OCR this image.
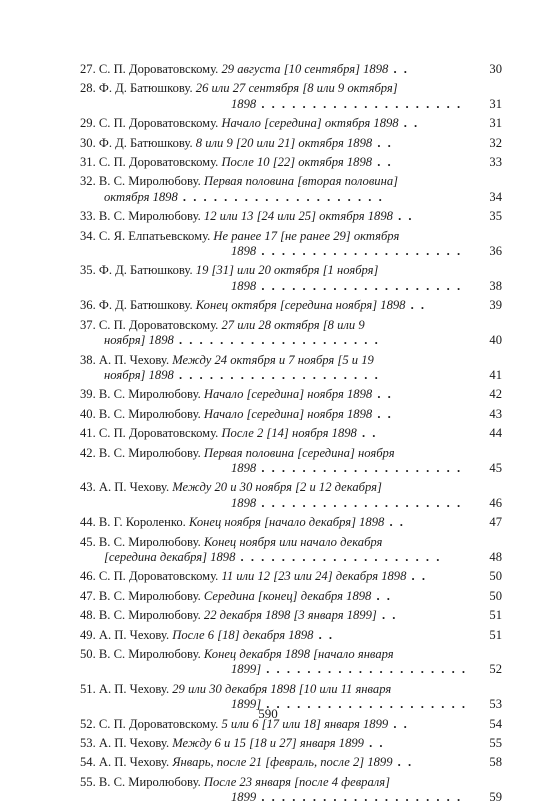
27. С. П. Дороватовскому. 29 августа [10 сентября] 1898 . .	30
28. Ф. Д. Батюшкову. 26 или 27 сентября [8 или 9 октября]
1898 . . . . . . . . . . . . . . . . . . . .	31
29. С. П. Дороватовскому. Начало [середина] октября 1898 . .	31
30. Ф. Д. Батюшкову. 8 или 9 [20 или 21] октября 1898 . .	32
31. С. П. Дороватовскому. После 10 [22] октября 1898 . .	33
32. В. С. Миролюбову. Первая половина [вторая половина]
октября 1898 . . . . . . . . . . . . . . . . . . . .	34
33. В. С. Миролюбову. 12 или 13 [24 или 25] октября 1898 . .	35
34. С. Я. Елпатьевскому. Не ранее 17 [не ранее 29] октября
1898 . . . . . . . . . . . . . . . . . . . .	36
35. Ф. Д. Батюшкову. 19 [31] или 20 октября [1 ноября]
1898 . . . . . . . . . . . . . . . . . . . .	38
36. Ф. Д. Батюшкову. Конец октября [середина ноября] 1898 . .	39
37. С. П. Дороватовскому. 27 или 28 октября [8 или 9
ноября] 1898 . . . . . . . . . . . . . . . . . . . .	40
38. А. П. Чехову. Между 24 октября и 7 ноября [5 и 19
ноября] 1898 . . . . . . . . . . . . . . . . . . . .	41
39. В. С. Миролюбову. Начало [середина] ноября 1898 . .	42
40. В. С. Миролюбову. Начало [середина] ноября 1898 . .	43
41. С. П. Дороватовскому. После 2 [14] ноября 1898 . .	44
42. В. С. Миролюбову. Первая половина [середина] ноября
1898 . . . . . . . . . . . . . . . . . . . .	45
43. А. П. Чехову. Между 20 и 30 ноября [2 и 12 декабря]
1898 . . . . . . . . . . . . . . . . . . . .	46
44. В. Г. Короленко. Конец ноября [начало декабря] 1898 . .	47
45. В. С. Миролюбову. Конец ноября или начало декабря
[середина декабря] 1898 . . . . . . . . . . . . . . . . . . . .	48
46. С. П. Дороватовскому. 11 или 12 [23 или 24] декабря 1898 . .	50
47. В. С. Миролюбову. Середина [конец] декабря 1898 . .	50
48. В. С. Миролюбову. 22 декабря 1898 [3 января 1899] . .	51
49. А. П. Чехову. После 6 [18] декабря 1898 . .	51
50. В. С. Миролюбову. Конец декабря 1898 [начало января
1899] . . . . . . . . . . . . . . . . . . . .	52
51. А. П. Чехову. 29 или 30 декабря 1898 [10 или 11 января
1899] . . . . . . . . . . . . . . . . . . . .	53
52. С. П. Дороватовскому. 5 или 6 [17 или 18] января 1899 . .	54
53. А. П. Чехову. Между 6 и 15 [18 и 27] января 1899 . .	55
54. А. П. Чехову. Январь, после 21 [февраль, после 2] 1899 . .	58
55. В. С. Миролюбову. После 23 января [после 4 февраля]
1899 . . . . . . . . . . . . . . . . . . . .	59
590
